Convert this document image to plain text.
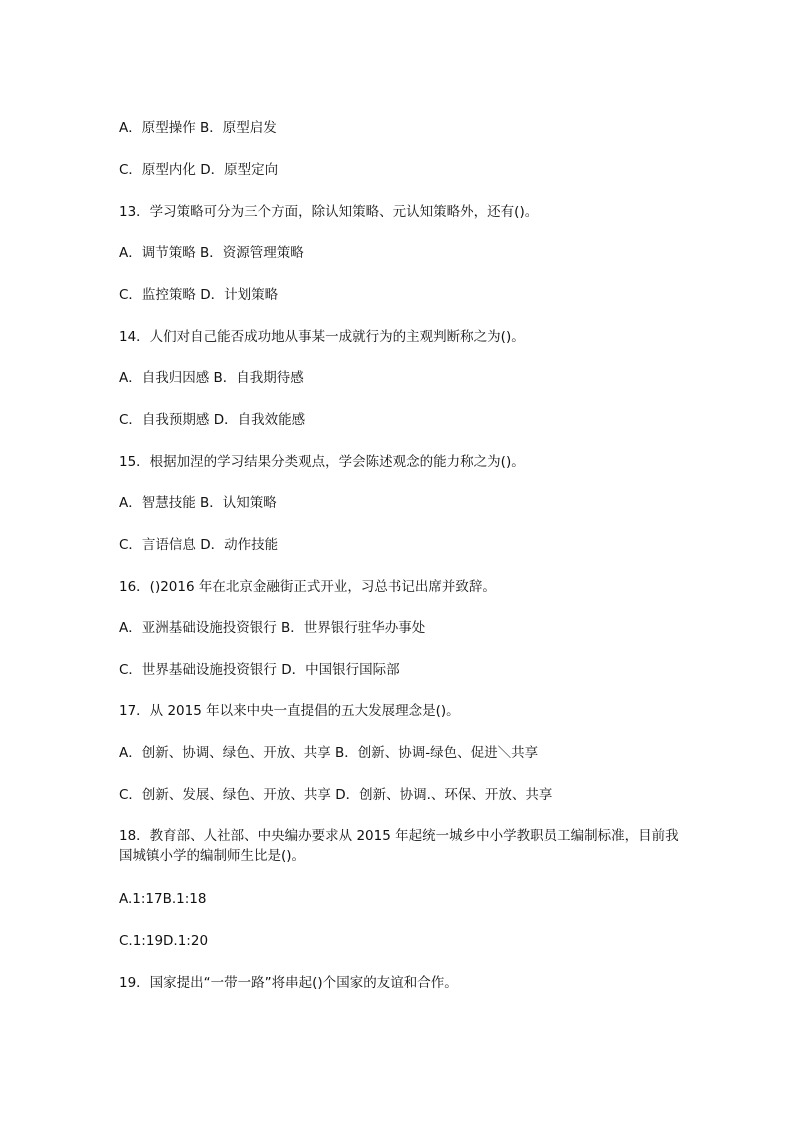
A．原型操作 B．原型启发
C．原型内化 D．原型定向
13．学习策略可分为三个方面，除认知策略、元认知策略外，还有()。
A．调节策略 B．资源管理策略
C．监控策略 D．计划策略
14．人们对自己能否成功地从事某一成就行为的主观判断称之为()。
A．自我归因感 B．自我期待感
C．自我预期感 D．自我效能感
15．根据加涅的学习结果分类观点，学会陈述观念的能力称之为()。
A．智慧技能 B．认知策略
C．言语信息 D．动作技能
16．()2016 年在北京金融街正式开业，习总书记出席并致辞。
A．亚洲基础设施投资银行 B．世界银行驻华办事处
C．世界基础设施投资银行 D．中国银行国际部
17．从 2015 年以来中央一直提倡的五大发展理念是()。
A．创新、协调、绿色、开放、共享 B．创新、协调-绿色、促进＼共享
C．创新、发展、绿色、开放、共享 D．创新、协调.、环保、开放、共享
18．教育部、人社部、中央编办要求从 2015 年起统一城乡中小学教职员工编制标准，目前我国城镇小学的编制师生比是()。
A.1:17B.1:18
C.1:19D.1:20
19．国家提出“一带一路”将串起()个国家的友谊和合作。
